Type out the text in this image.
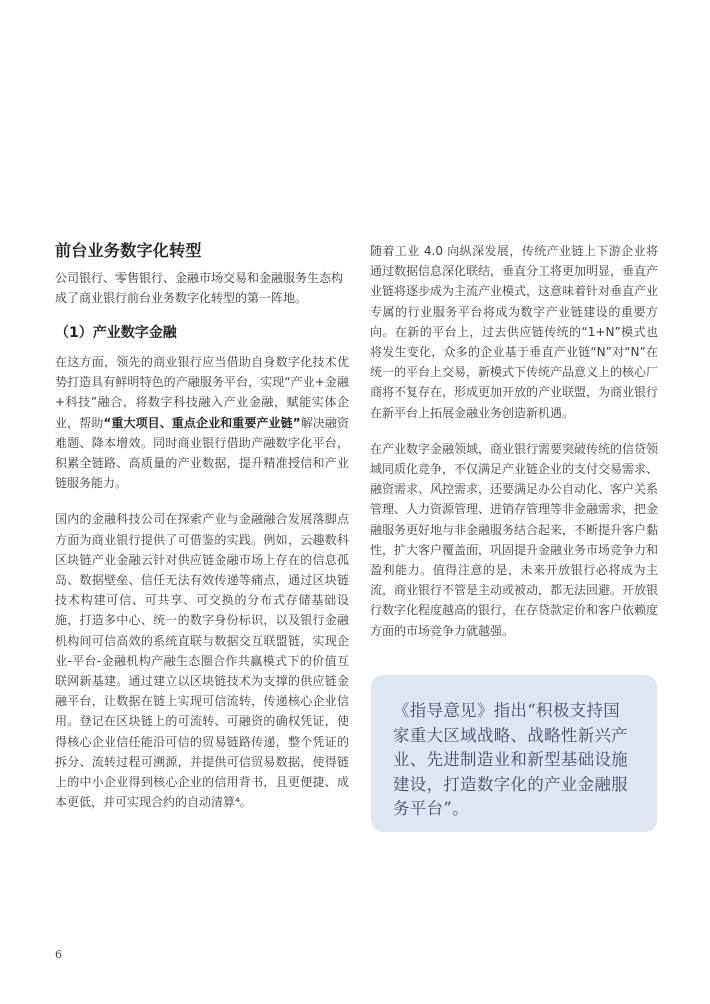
前台业务数字化转型

公司银行、零售银行、金融市场交易和金融服务生态构成了商业银行前台业务数字化转型的第一阵地。

（1）产业数字金融

在这方面，领先的商业银行应当借助自身数字化技术优势打造具有鲜明特色的产融服务平台，实现“产业+金融+科技”融合，将数字科技融入产业金融，赋能实体企业，帮助“重大项目、重点企业和重要产业链”解决融资难题、降本增效。同时商业银行借助产融数字化平台，积累全链路、高质量的产业数据，提升精准授信和产业链服务能力。

国内的金融科技公司在探索产业与金融融合发展落脚点方面为商业银行提供了可借鉴的实践。例如，云趣数科区块链产业金融云针对供应链金融市场上存在的信息孤岛、数据壁垒、信任无法有效传递等痛点，通过区块链技术构建可信、可共享、可交换的分布式存储基础设施，打造多中心、统一的数字身份标识，以及银行金融机构间可信高效的系统直联与数据交互联盟链，实现企业-平台-金融机构产融生态圈合作共赢模式下的价值互联网新基建。通过建立以区块链技术为支撑的供应链金融平台，让数据在链上实现可信流转，传递核心企业信用。登记在区块链上的可流转、可融资的确权凭证，使得核心企业信任能沿可信的贸易链路传递，整个凭证的拆分、流转过程可溯源，并提供可信贸易数据，使得链上的中小企业得到核心企业的信用背书，且更便捷、成本更低，并可实现合约的自动清算⁴。

随着工业 4.0 向纵深发展，传统产业链上下游企业将通过数据信息深化联结，垂直分工将更加明显，垂直产业链将逐步成为主流产业模式，这意味着针对垂直产业专属的行业服务平台将成为数字产业链建设的重要方向。在新的平台上，过去供应链传统的“1+N”模式也将发生变化，众多的企业基于垂直产业链“N”对“N”在统一的平台上交易，新模式下传统产品意义上的核心厂商将不复存在，形成更加开放的产业联盟，为商业银行在新平台上拓展金融业务创造新机遇。

在产业数字金融领域，商业银行需要突破传统的信贷领域同质化竞争，不仅满足产业链企业的支付交易需求、融资需求、风控需求，还要满足办公自动化、客户关系管理、人力资源管理、进销存管理等非金融需求，把金融服务更好地与非金融服务结合起来，不断提升客户黏性，扩大客户覆盖面，巩固提升金融业务市场竞争力和盈利能力。值得注意的是，未来开放银行必将成为主流，商业银行不管是主动或被动，都无法回避。开放银行数字化程度越高的银行，在存贷款定价和客户依赖度方面的市场竞争力就越强。

《指导意见》指出“积极支持国家重大区域战略、战略性新兴产业、先进制造业和新型基础设施建设，打造数字化的产业金融服务平台”。

6
